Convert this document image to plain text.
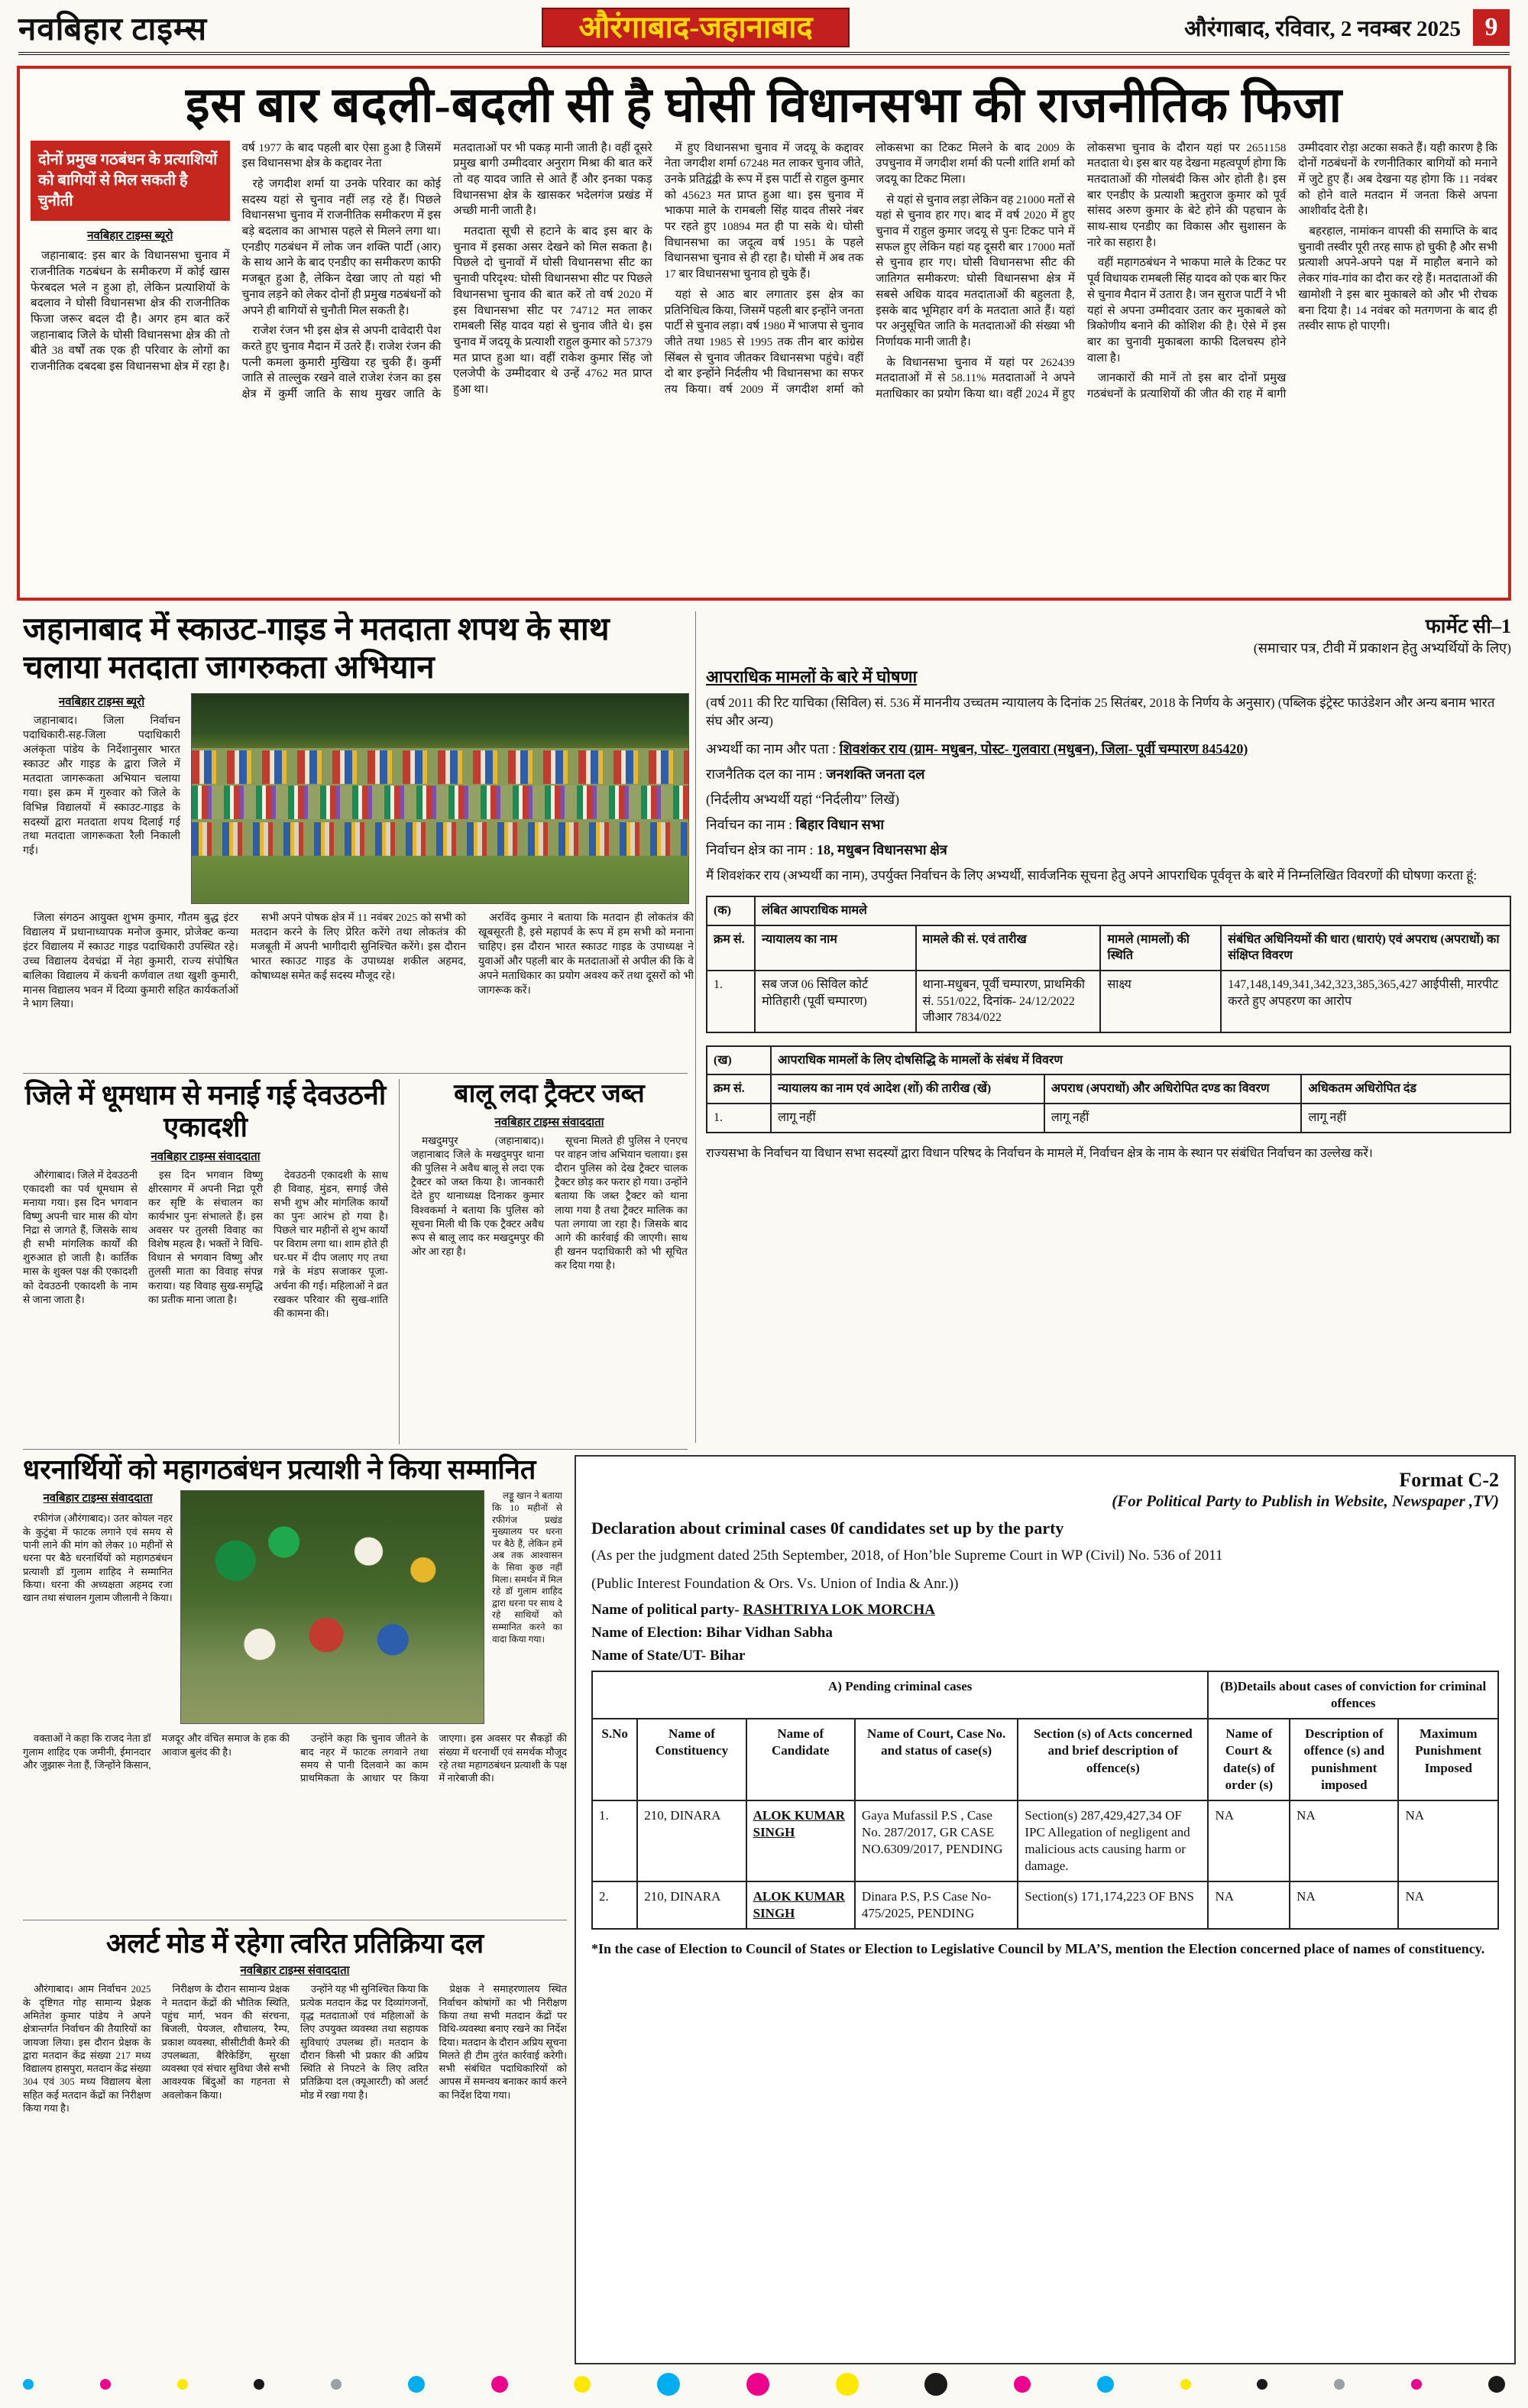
नवबिहार टाइम्स	औरंगाबाद-जहानाबाद	औरंगाबाद, रविवार, 2 नवम्बर 2025 9
इस बार बदली-बदली सी है घोसी विधानसभा की राजनीतिक फिजा
दोनों प्रमुख गठबंधन के प्रत्याशियों को बागियों से मिल सकती है चुनौती
नवबिहार टाइम्स ब्यूरो

जहानाबाद: इस बार के विधानसभा चुनाव में राजनीतिक गठबंधन के समीकरण में कोई खास फेरबदल भले न हुआ हो, लेकिन प्रत्याशियों के बदलाव ने घोसी विधानसभा क्षेत्र की राजनीतिक फिजा जरूर बदल दी है। अगर हम बात करें जहानाबाद जिले के घोसी विधानसभा क्षेत्र की तो बीते 38 वर्षों तक एक ही परिवार के लोगों का राजनीतिक दबदबा इस विधानसभा क्षेत्र में रहा है। वर्ष 1977 के बाद पहली बार ऐसा हुआ है जिसमें इस विधानसभा क्षेत्र के कद्दावर नेता

रहे जगदीश शर्मा या उनके परिवार का कोई सदस्य यहां से चुनाव नहीं लड़ रहे हैं। पिछले विधानसभा चुनाव में राजनीतिक समीकरण में इस बड़े बदलाव का आभास पहले से मिलने लगा था। एनडीए गठबंधन में लोक जन शक्ति पार्टी (आर) के साथ आने के बाद एनडीए का समीकरण काफी मजबूत हुआ है, लेकिन देखा जाए तो यहां भी चुनाव लड़ने को लेकर दोनों ही प्रमुख गठबंधनों को अपने ही बागियों से चुनौती मिल सकती है।

राजेश रंजन भी इस क्षेत्र से अपनी दावेदारी पेश करते हुए चुनाव मैदान में उतरे हैं। राजेश रंजन की पत्नी कमला कुमारी मुखिया रह चुकी हैं। कुर्मी जाति से ताल्लुक रखने वाले राजेश रंजन का इस क्षेत्र में कुर्मी जाति के साथ मुखर जाति के मतदाताओं पर भी पकड़ मानी जाती है। वहीं दूसरे प्रमुख बागी उम्मीदवार अनुराग मिश्रा की बात करें तो वह यादव जाति से आते हैं और इनका पकड़ विधानसभा क्षेत्र के खासकर भदेलगंज प्रखंड में अच्छी मानी जाती है।

मतदाता सूची से हटाने के बाद इस बार के चुनाव में इसका असर देखने को मिल सकता है। पिछले दो चुनावों में घोसी विधानसभा सीट का चुनावी परिदृश्य: घोसी विधानसभा सीट पर पिछले विधानसभा चुनाव की बात करें तो वर्ष 2020 में इस विधानसभा सीट पर 74712 मत लाकर रामबली सिंह यादव यहां से चुनाव जीते थे। इस चुनाव में जदयू के प्रत्याशी राहुल कुमार को 57379 मत प्राप्त हुआ था। वहीं राकेश कुमार सिंह जो एलजेपी के उम्मीदवार थे उन्हें 4762 मत प्राप्त हुआ था।

में हुए विधानसभा चुनाव में जदयू के कद्दावर नेता जगदीश शर्मा 67248 मत लाकर चुनाव जीते, उनके प्रतिद्वंद्वी के रूप में इस पार्टी से राहुल कुमार को 45623 मत प्राप्त हुआ था। इस चुनाव में भाकपा माले के रामबली सिंह यादव तीसरे नंबर पर रहते हुए 10894 मत ही पा सके थे। घोसी विधानसभा का जदूत्व वर्ष 1951 के पहले विधानसभा चुनाव से ही रहा है। घोसी में अब तक 17 बार विधानसभा चुनाव हो चुके हैं।

यहां से आठ बार लगातार इस क्षेत्र का प्रतिनिधित्व किया, जिसमें पहली बार इन्होंने जनता पार्टी से चुनाव लड़ा। वर्ष 1980 में भाजपा से चुनाव जीते तथा 1985 से 1995 तक तीन बार कांग्रेस सिंबल से चुनाव जीतकर विधानसभा पहुंचे। वहीं दो बार इन्होंने निर्दलीय भी विधानसभा का सफर तय किया। वर्ष 2009 में जगदीश शर्मा को लोकसभा का टिकट मिलने के बाद 2009 के उपचुनाव में जगदीश शर्मा की पत्नी शांति शर्मा को जदयू का टिकट मिला।

से यहां से चुनाव लड़ा लेकिन वह 21000 मतों से यहां से चुनाव हार गए। बाद में वर्ष 2020 में हुए चुनाव में राहुल कुमार जदयू से पुनः टिकट पाने में सफल हुए लेकिन यहां यह दूसरी बार 17000 मतों से चुनाव हार गए। घोसी विधानसभा सीट की जातिगत समीकरण: घोसी विधानसभा क्षेत्र में सबसे अधिक यादव मतदाताओं की बहुलता है, इसके बाद भूमिहार वर्ग के मतदाता आते हैं। यहां पर अनुसूचित जाति के मतदाताओं की संख्या भी निर्णायक मानी जाती है।

के विधानसभा चुनाव में यहां पर 262439 मतदाताओं में से 58.11% मतदाताओं ने अपने मताधिकार का प्रयोग किया था। वहीं 2024 में हुए लोकसभा चुनाव के दौरान यहां पर 2651158 मतदाता थे। इस बार यह देखना महत्वपूर्ण होगा कि मतदाताओं की गोलबंदी किस ओर होती है। इस बार एनडीए के प्रत्याशी ऋतुराज कुमार को पूर्व सांसद अरुण कुमार के बेटे होने की पहचान के साथ-साथ एनडीए का विकास और सुशासन के नारे का सहारा है।

वहीं महागठबंधन ने भाकपा माले के टिकट पर पूर्व विधायक रामबली सिंह यादव को एक बार फिर से चुनाव मैदान में उतारा है। जन सुराज पार्टी ने भी यहां से अपना उम्मीदवार उतार कर मुकाबले को त्रिकोणीय बनाने की कोशिश की है। ऐसे में इस बार का चुनावी मुकाबला काफी दिलचस्प होने वाला है।

जानकारों की मानें तो इस बार दोनों प्रमुख गठबंधनों के प्रत्याशियों की जीत की राह में बागी उम्मीदवार रोड़ा अटका सकते हैं। यही कारण है कि दोनों गठबंधनों के रणनीतिकार बागियों को मनाने में जुटे हुए हैं। अब देखना यह होगा कि 11 नवंबर को होने वाले मतदान में जनता किसे अपना आशीर्वाद देती है।

बहरहाल, नामांकन वापसी की समाप्ति के बाद चुनावी तस्वीर पूरी तरह साफ हो चुकी है और सभी प्रत्याशी अपने-अपने पक्ष में माहौल बनाने को लेकर गांव-गांव का दौरा कर रहे हैं। मतदाताओं की खामोशी ने इस बार मुकाबले को और भी रोचक बना दिया है। 14 नवंबर को मतगणना के बाद ही तस्वीर साफ हो पाएगी।

जहानाबाद में स्काउट-गाइड ने मतदाता शपथ के साथ चलाया मतदाता जागरुकता अभियान
नवबिहार टाइम्स ब्यूरो

जहानाबाद। जिला निर्वाचन पदाधिकारी-सह-जिला पदाधिकारी अलंकृता पांडेय के निर्देशानुसार भारत स्काउट और गाइड के द्वारा जिले में मतदाता जागरूकता अभियान चलाया गया। इस क्रम में गुरुवार को जिले के विभिन्न विद्यालयों में स्काउट-गाइड के सदस्यों द्वारा मतदाता शपथ दिलाई गई तथा मतदाता जागरूकता रैली निकाली गई।

जिला संगठन आयुक्त शुभम कुमार, गौतम बुद्ध इंटर विद्यालय में प्रधानाध्यापक मनोज कुमार, प्रोजेक्ट कन्या इंटर विद्यालय में स्काउट गाइड पदाधिकारी उपस्थित रहे। उच्च विद्यालय देवचंद्रा में नेहा कुमारी, राज्य संपोषित बालिका विद्यालय में कंचनी कर्णवाल तथा खुशी कुमारी, मानस विद्यालय भवन में दिव्या कुमारी सहित कार्यकर्ताओं ने भाग लिया।

सभी अपने पोषक क्षेत्र में 11 नवंबर 2025 को सभी को मतदान करने के लिए प्रेरित करेंगे तथा लोकतंत्र की मजबूती में अपनी भागीदारी सुनिश्चित करेंगे। इस दौरान भारत स्काउट गाइड के उपाध्यक्ष शकील अहमद, कोषाध्यक्ष समेत कई सदस्य मौजूद रहे।

अरविंद कुमार ने बताया कि मतदान ही लोकतंत्र की खूबसूरती है, इसे महापर्व के रूप में हम सभी को मनाना चाहिए। इस दौरान भारत स्काउट गाइड के उपाध्यक्ष ने युवाओं और पहली बार के मतदाताओं से अपील की कि वे अपने मताधिकार का प्रयोग अवश्य करें तथा दूसरों को भी जागरूक करें।

जिले में धूमधाम से मनाई गई देवउठनी एकादशी
नवबिहार टाइम्स संवाददाता

औरंगाबाद। जिले में देवउठनी एकादशी का पर्व धूमधाम से मनाया गया। इस दिन भगवान विष्णु अपनी चार मास की योग निद्रा से जागते हैं, जिसके साथ ही सभी मांगलिक कार्यों की शुरुआत हो जाती है। कार्तिक मास के शुक्ल पक्ष की एकादशी को देवउठनी एकादशी के नाम से जाना जाता है।

इस दिन भगवान विष्णु क्षीरसागर में अपनी निद्रा पूरी कर सृष्टि के संचालन का कार्यभार पुनः संभालते हैं। इस अवसर पर तुलसी विवाह का विशेष महत्व है। भक्तों ने विधि-विधान से भगवान विष्णु और तुलसी माता का विवाह संपन्न कराया। यह विवाह सुख-समृद्धि का प्रतीक माना जाता है।

देवउठनी एकादशी के साथ ही विवाह, मुंडन, सगाई जैसे सभी शुभ और मांगलिक कार्यों का पुनः आरंभ हो गया है। पिछले चार महीनों से शुभ कार्यों पर विराम लगा था। शाम होते ही घर-घर में दीप जलाए गए तथा गन्ने के मंडप सजाकर पूजा-अर्चना की गई। महिलाओं ने व्रत रखकर परिवार की सुख-शांति की कामना की।

बालू लदा ट्रैक्टर जब्त
नवबिहार टाइम्स संवाददाता

मखदुमपुर (जहानाबाद)। जहानाबाद जिले के मखदुमपुर थाना की पुलिस ने अवैध बालू से लदा एक ट्रैक्टर को जब्त किया है। जानकारी देते हुए थानाध्यक्ष दिनाकर कुमार विश्वकर्मा ने बताया कि पुलिस को सूचना मिली थी कि एक ट्रैक्टर अवैध रूप से बालू लाद कर मखदुमपुर की ओर आ रहा है।

सूचना मिलते ही पुलिस ने एनएच पर वाहन जांच अभियान चलाया। इस दौरान पुलिस को देख ट्रैक्टर चालक ट्रैक्टर छोड़ कर फरार हो गया। उन्होंने बताया कि जब्त ट्रैक्टर को थाना लाया गया है तथा ट्रैक्टर मालिक का पता लगाया जा रहा है। जिसके बाद आगे की कार्रवाई की जाएगी। साथ ही खनन पदाधिकारी को भी सूचित कर दिया गया है।

धरनार्थियों को महागठबंधन प्रत्याशी ने किया सम्मानित
नवबिहार टाइम्स संवाददाता

रफीगंज (औरंगाबाद)। उतर कोयल नहर के कुटुंबा में फाटक लगाने एवं समय से पानी लाने की मांग को लेकर 10 महीनों से धरना पर बैठे धरनार्थियों को महागठबंधन प्रत्याशी डॉ गुलाम शाहिद ने सम्मानित किया। धरना की अध्यक्षता अहमद रजा खान तथा संचालन गुलाम जीलानी ने किया।

लड्डू खान ने बताया कि 10 महीनों से रफीगंज प्रखंड मुख्यालय पर धरना पर बैठे हैं, लेकिन हमें अब तक आश्वासन के सिवा कुछ नहीं मिला। समर्थन में मिल रहे डॉ गुलाम शाहिद द्वारा धरना पर साथ दे रहे साथियों को सम्मानित करने का वादा किया गया।

वक्ताओं ने कहा कि राजद नेता डॉ गुलाम शाहिद एक जमीनी, ईमानदार और जुझारू नेता हैं, जिन्होंने किसान, मजदूर और वंचित समाज के हक की आवाज बुलंद की है।

उन्होंने कहा कि चुनाव जीतने के बाद नहर में फाटक लगवाने तथा समय से पानी दिलवाने का काम प्राथमिकता के आधार पर किया जाएगा। इस अवसर पर सैकड़ों की संख्या में धरनार्थी एवं समर्थक मौजूद रहे तथा महागठबंधन प्रत्याशी के पक्ष में नारेबाजी की।

अलर्ट मोड में रहेगा त्वरित प्रतिक्रिया दल
नवबिहार टाइम्स संवाददाता

औरंगाबाद। आम निर्वाचन 2025 के दृष्टिगत गोह सामान्य प्रेक्षक अमितेश कुमार पांडेय ने अपने क्षेत्रान्तर्गत निर्वाचन की तैयारियों का जायजा लिया। इस दौरान प्रेक्षक के द्वारा मतदान केंद्र संख्या 217 मध्य विद्यालय हासपुरा, मतदान केंद्र संख्या 304 एवं 305 मध्य विद्यालय बेला सहित कई मतदान केंद्रों का निरीक्षण किया गया है।

निरीक्षण के दौरान सामान्य प्रेक्षक ने मतदान केंद्रों की भौतिक स्थिति, पहुंच मार्ग, भवन की संरचना, बिजली, पेयजल, शौचालय, रैम्प, प्रकाश व्यवस्था, सीसीटीवी कैमरे की उपलब्धता, बैरिकेडिंग, सुरक्षा व्यवस्था एवं संचार सुविधा जैसे सभी आवश्यक बिंदुओं का गहनता से अवलोकन किया।

उन्होंने यह भी सुनिश्चित किया कि प्रत्येक मतदान केंद्र पर दिव्यांगजनों, वृद्ध मतदाताओं एवं महिलाओं के लिए उपयुक्त व्यवस्था तथा सहायक सुविधाएं उपलब्ध हों। मतदान के दौरान किसी भी प्रकार की अप्रिय स्थिति से निपटने के लिए त्वरित प्रतिक्रिया दल (क्यूआरटी) को अलर्ट मोड में रखा गया है।

प्रेक्षक ने समाहरणालय स्थित निर्वाचन कोषांगों का भी निरीक्षण किया तथा सभी मतदान केंद्रों पर विधि-व्यवस्था बनाए रखने का निर्देश दिया। मतदान के दौरान अप्रिय सूचना मिलते ही टीम तुरंत कार्रवाई करेगी। सभी संबंधित पदाधिकारियों को आपस में समन्वय बनाकर कार्य करने का निर्देश दिया गया।

फार्मेट सी–1
(समाचार पत्र, टीवी में प्रकाशन हेतु अभ्यर्थियों के लिए)
आपराधिक मामलों के बारे में घोषणा
(वर्ष 2011 की रिट याचिका (सिविल) सं. 536 में माननीय उच्चतम न्यायालय के दिनांक 25 सितंबर, 2018 के निर्णय के अनुसार) (पब्लिक इंट्रेस्ट फाउंडेशन और अन्य बनाम भारत संघ और अन्य)
अभ्यर्थी का नाम और पता : शिवशंकर राय (ग्राम- मधुबन, पोस्ट- गुलवारा (मधुबन), जिला- पूर्वी चम्पारण 845420)
राजनैतिक दल का नाम : जनशक्ति जनता दल
(निर्दलीय अभ्यर्थी यहां “निर्दलीय” लिखें)
निर्वाचन का नाम : बिहार विधान सभा
निर्वाचन क्षेत्र का नाम : 18, मधुबन विधानसभा क्षेत्र
मैं शिवशंकर राय (अभ्यर्थी का नाम), उपर्युक्त निर्वाचन के लिए अभ्यर्थी, सार्वजनिक सूचना हेतु अपने आपराधिक पूर्ववृत्त के बारे में निम्नलिखित विवरणों की घोषणा करता हूं:
(क)	लंबित आपराधिक मामले			
क्रम सं.	न्यायालय का नाम	मामले की सं. एवं तारीख	मामले (मामलों) की स्थिति	संबंधित अधिनियमों की धारा (धाराएं) एवं अपराध (अपराधों) का संक्षिप्त विवरण
1.	सब जज 06 सिविल कोर्ट मोतिहारी (पूर्वी चम्पारण)	थाना-मधुबन, पूर्वी चम्पारण, प्राथमिकी सं. 551/022, दिनांक- 24/12/2022 जीआर 7834/022	साक्ष्य	147,148,149,341,342,323,385,365,427 आईपीसी, मारपीट करते हुए अपहरण का आरोप
(ख)	आपराधिक मामलों के लिए दोषसिद्धि के मामलों के संबंध में विवरण		
क्रम सं.	न्यायालय का नाम एवं आदेश (शों) की तारीख (खें)	अपराध (अपराधों) और अधिरोपित दण्ड का विवरण	अधिकतम अधिरोपित दंड
1.	लागू नहीं	लागू नहीं	लागू नहीं
राज्यसभा के निर्वाचन या विधान सभा सदस्यों द्वारा विधान परिषद के निर्वाचन के मामले में, निर्वाचन क्षेत्र के नाम के स्थान पर संबंधित निर्वाचन का उल्लेख करें।
Format C-2
(For Political Party to Publish in Website, Newspaper ,TV)
Declaration about criminal cases 0f candidates set up by the party
(As per the judgment dated 25th September, 2018, of Hon’ble Supreme Court in WP (Civil) No. 536 of 2011
(Public Interest Foundation & Ors. Vs. Union of India & Anr.))
Name of political party- RASHTRIYA LOK MORCHA
Name of Election: Bihar Vidhan Sabha
Name of State/UT- Bihar
A) Pending criminal cases					(B)Details about cases of conviction for criminal offences		
S.No	Name of Constituency	Name of Candidate	Name of Court, Case No. and status of case(s)	Section (s) of Acts concerned and brief description of offence(s)	Name of Court & date(s) of order (s)	Description of offence (s) and punishment imposed	Maximum Punishment Imposed
1.	210, DINARA	ALOK KUMAR SINGH	Gaya Mufassil P.S , Case No. 287/2017, GR CASE NO.6309/2017, PENDING	Section(s) 287,429,427,34 OF IPC Allegation of negligent and malicious acts causing harm or damage.	NA	NA	NA
2.	210, DINARA	ALOK KUMAR SINGH	Dinara P.S, P.S Case No- 475/2025, PENDING	Section(s) 171,174,223 OF BNS	NA	NA	NA
*In the case of Election to Council of States or Election to Legislative Council by MLA’S, mention the Election concerned place of names of constituency.
